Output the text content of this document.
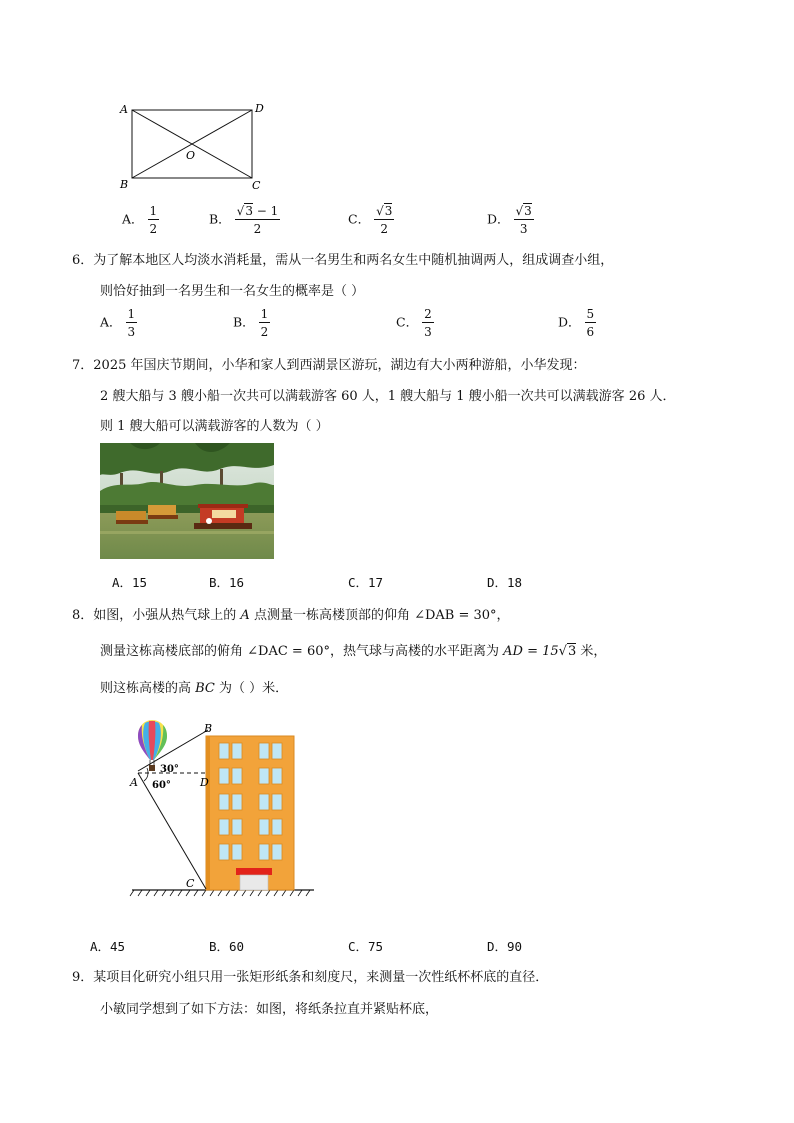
A	D
B	C
O
A． $\frac{1}{2}$	B． $\frac{√3 - 1}{2}$	C． $\frac{√3}{2}$	D． $\frac{√3}{3}$
6．为了解本地区人均淡水消耗量，需从一名男生和两名女生中随机抽调两人，组成调查小组，
则恰好抽到一名男生和一名女生的概率是（ ）
A． $\frac{1}{3}$	B． $\frac{1}{2}$	C． $\frac{2}{3}$	D． $\frac{5}{6}$
7．2025 年国庆节期间，小华和家人到西湖景区游玩，湖边有大小两种游船，小华发现：
2 艘大船与 3 艘小船一次共可以满载游客 60 人，1 艘大船与 1 艘小船一次共可以满载游客 26 人．
则 1 艘大船可以满载游客的人数为（ ）
A．15	B．16	C．17	D．18
8．如图，小强从热气球上的 A 点测量一栋高楼顶部的仰角 ∠DAB = 30°，
测量这栋高楼底部的俯角 ∠DAC = 60°，热气球与高楼的水平距离为 AD = 15√3 米，
则这栋高楼的高 BC 为（ ）米．
B
A	D
C
30°
60°
A．45	B．60	C．75	D．90
9．某项目化研究小组只用一张矩形纸条和刻度尺，来测量一次性纸杯杯底的直径．
小敏同学想到了如下方法：如图，将纸条拉直并紧贴杯底，
